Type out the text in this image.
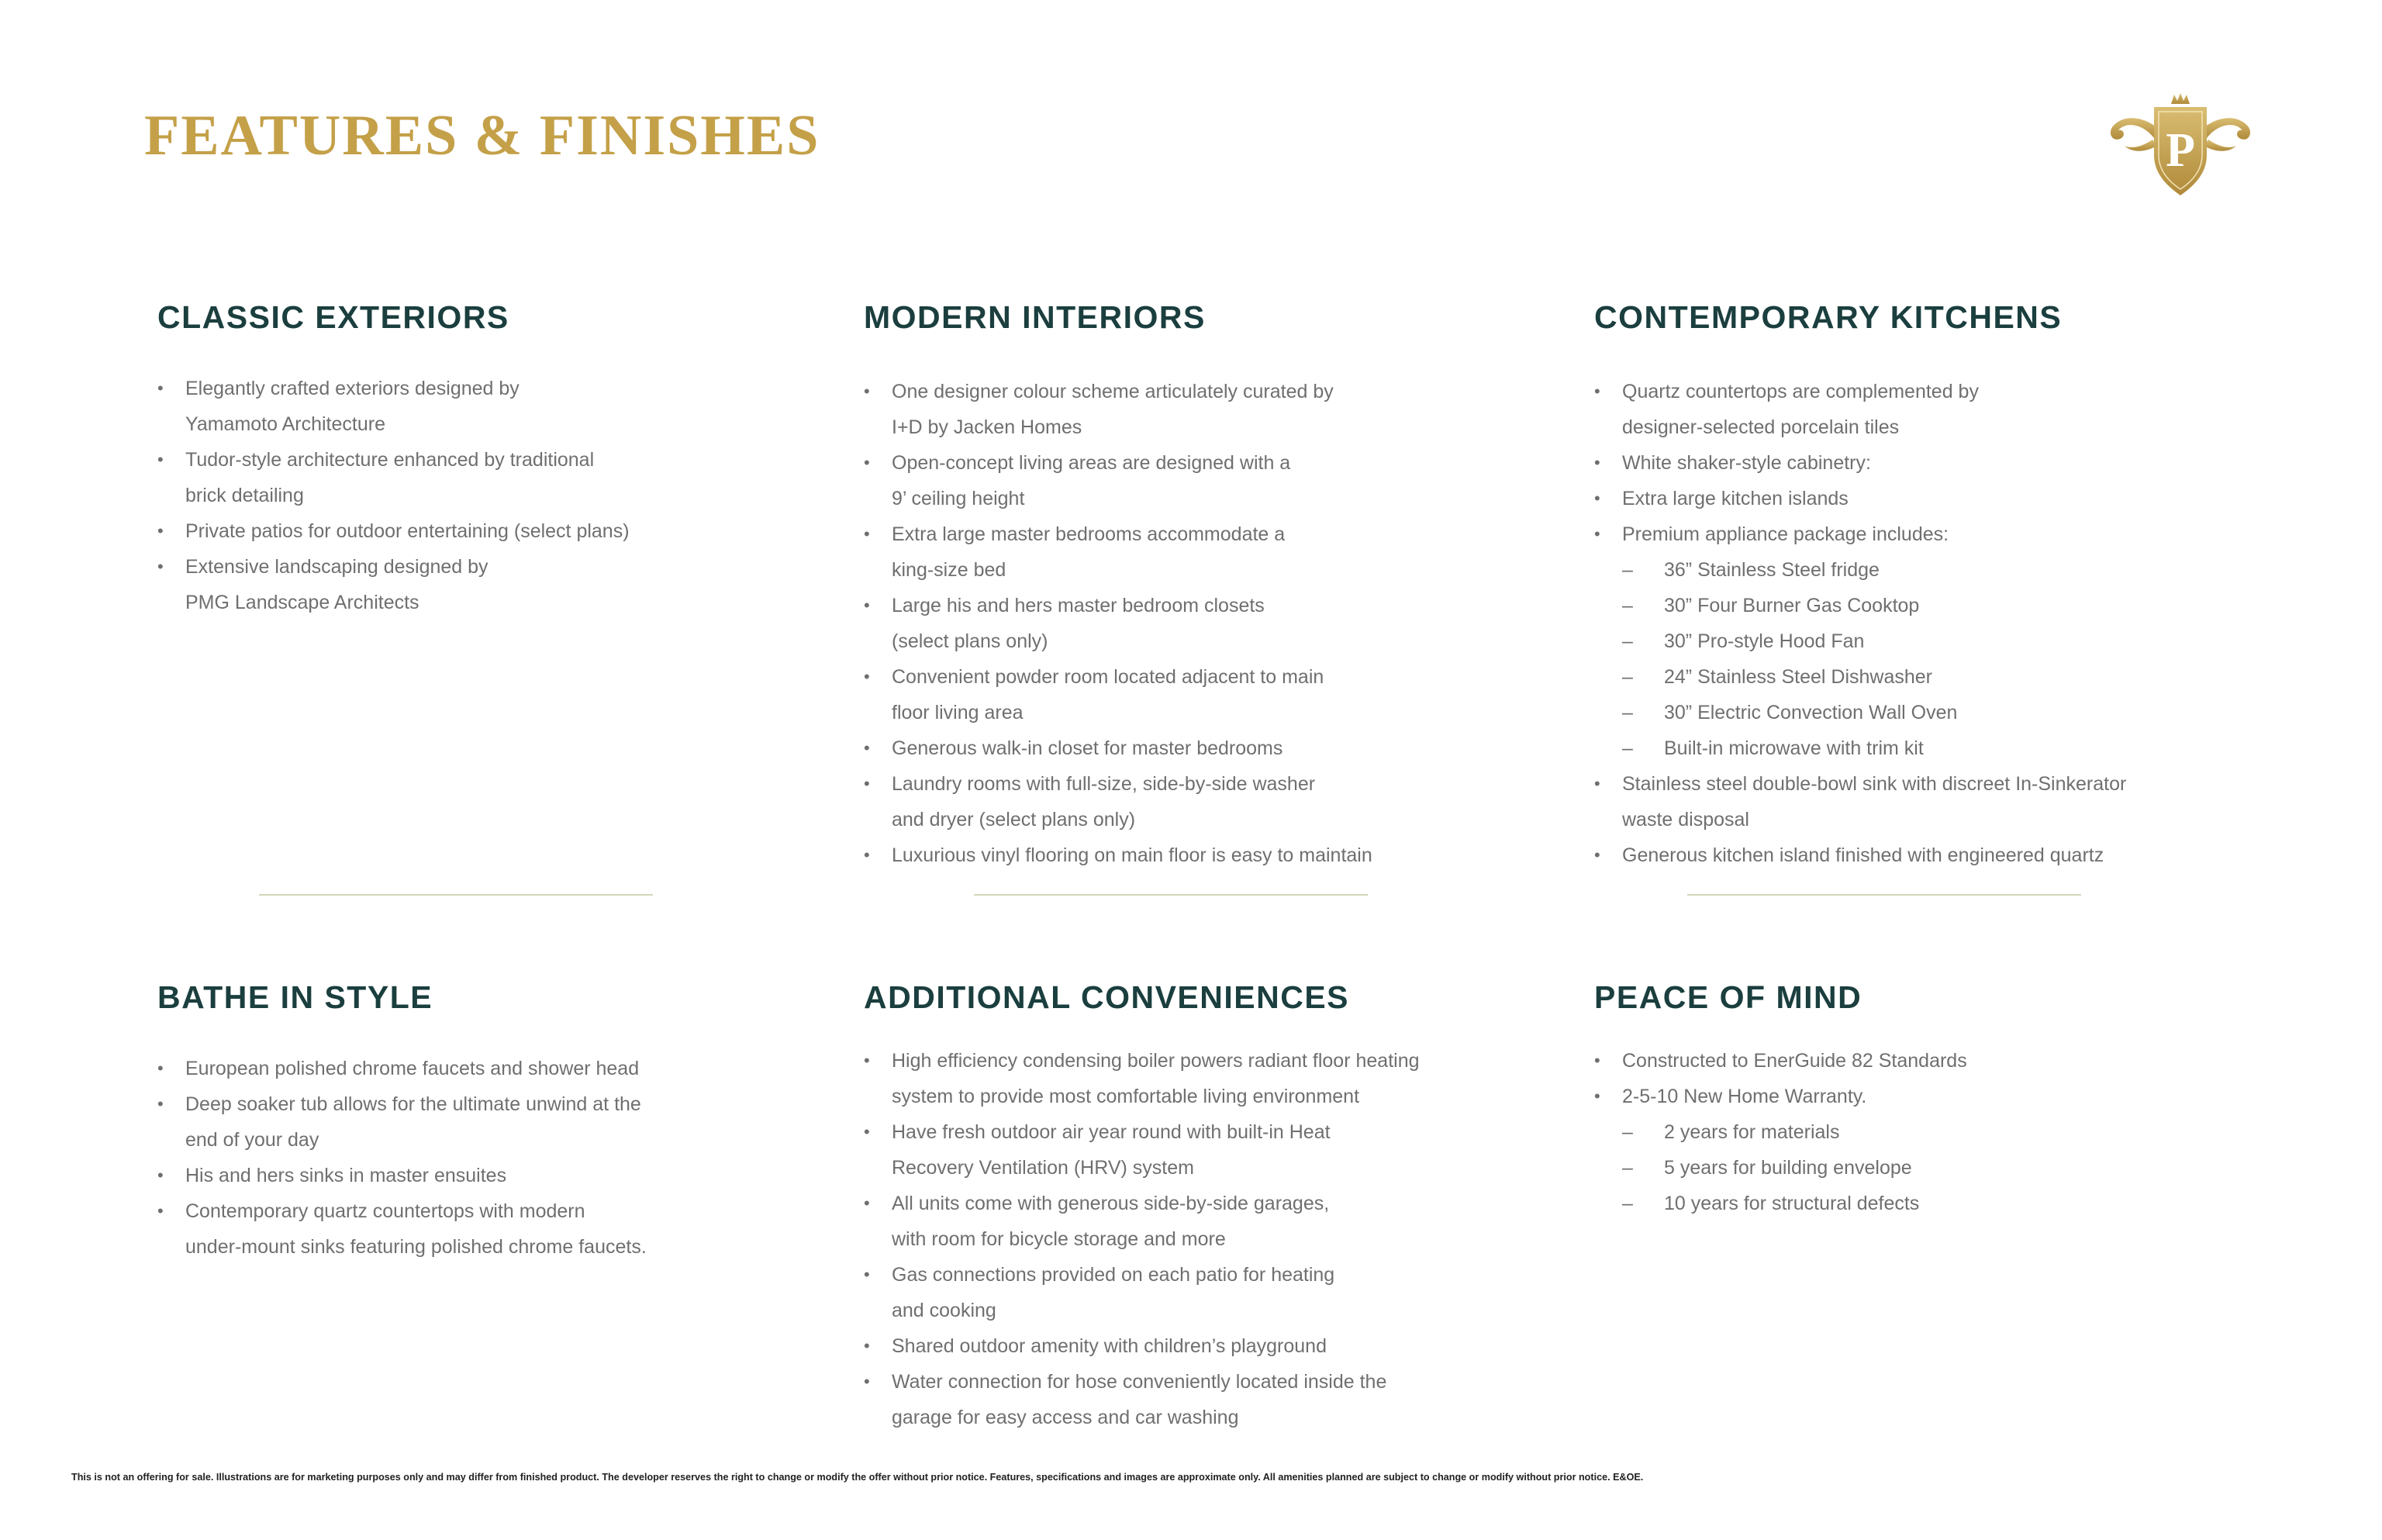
FEATURES & FINISHES	P
CLASSIC EXTERIORS
• Elegantly crafted exteriors designed by
Yamamoto Architecture
• Tudor-style architecture enhanced by traditional
brick detailing
• Private patios for outdoor entertaining (select plans)
• Extensive landscaping designed by
PMG Landscape Architects
MODERN INTERIORS
• One designer colour scheme articulately curated by
I+D by Jacken Homes
• Open-concept living areas are designed with a
9’ ceiling height
• Extra large master bedrooms accommodate a
king-size bed
• Large his and hers master bedroom closets
(select plans only)
• Convenient powder room located adjacent to main
floor living area
• Generous walk-in closet for master bedrooms
• Laundry rooms with full-size, side-by-side washer
and dryer (select plans only)
• Luxurious vinyl flooring on main floor is easy to maintain
CONTEMPORARY KITCHENS
• Quartz countertops are complemented by
designer-selected porcelain tiles
• White shaker-style cabinetry:
• Extra large kitchen islands
• Premium appliance package includes:
– 36” Stainless Steel fridge
– 30” Four Burner Gas Cooktop
– 30” Pro-style Hood Fan
– 24” Stainless Steel Dishwasher
– 30” Electric Convection Wall Oven
– Built-in microwave with trim kit
• Stainless steel double-bowl sink with discreet In-Sinkerator
waste disposal
• Generous kitchen island finished with engineered quartz
BATHE IN STYLE
• European polished chrome faucets and shower head
• Deep soaker tub allows for the ultimate unwind at the
end of your day
• His and hers sinks in master ensuites
• Contemporary quartz countertops with modern
under-mount sinks featuring polished chrome faucets.
ADDITIONAL CONVENIENCES
• High efficiency condensing boiler powers radiant floor heating
system to provide most comfortable living environment
• Have fresh outdoor air year round with built-in Heat
Recovery Ventilation (HRV) system
• All units come with generous side-by-side garages,
with room for bicycle storage and more
• Gas connections provided on each patio for heating
and cooking
• Shared outdoor amenity with children’s playground
• Water connection for hose conveniently located inside the
garage for easy access and car washing
PEACE OF MIND
• Constructed to EnerGuide 82 Standards
• 2-5-10 New Home Warranty.
– 2 years for materials
– 5 years for building envelope
– 10 years for structural defects

This is not an offering for sale. Illustrations are for marketing purposes only and may differ from finished product. The developer reserves the right to change or modify the offer without prior notice. Features, specifications and images are approximate only. All amenities planned are subject to change or modify without prior notice. E&OE.
